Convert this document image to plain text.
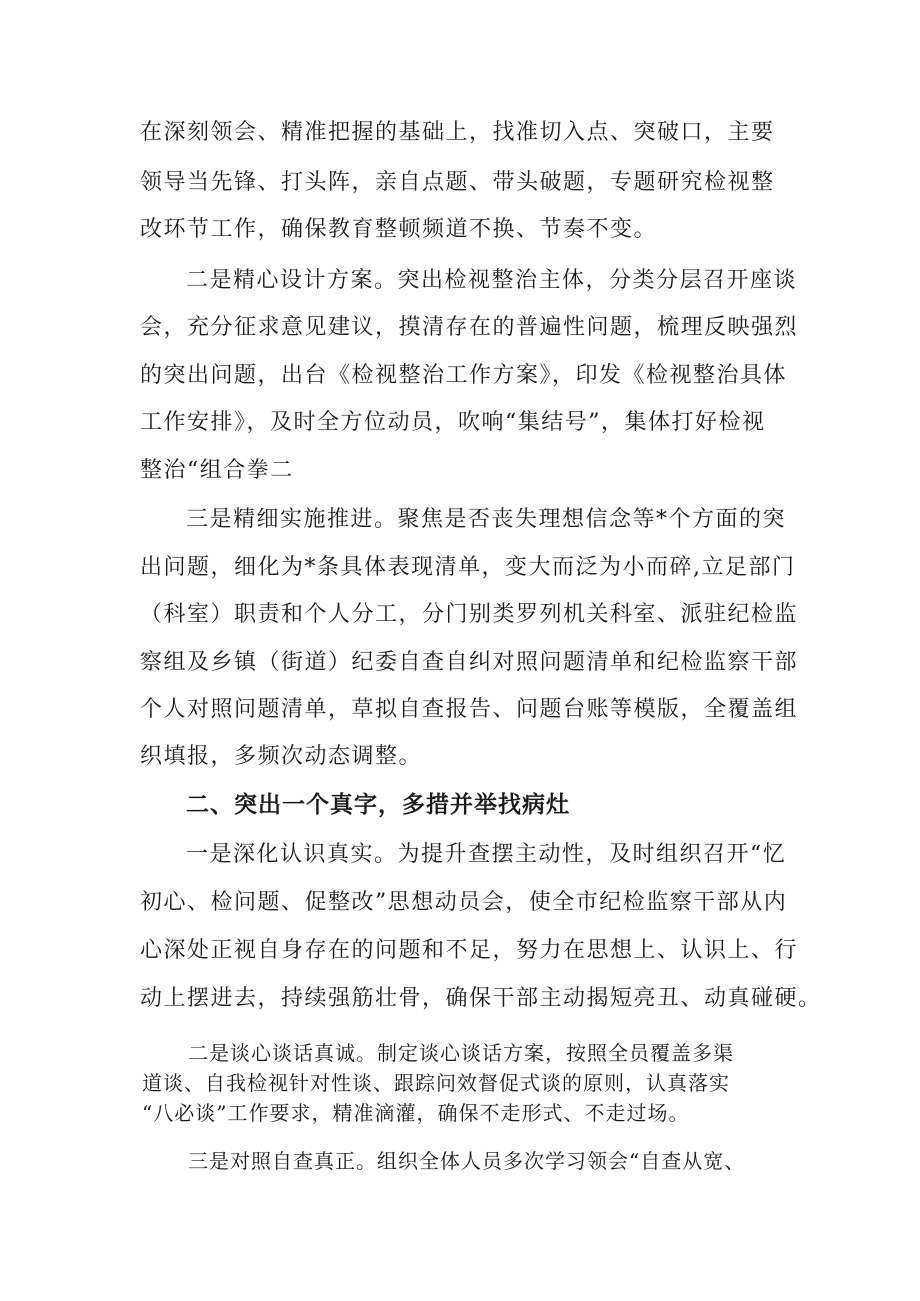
在深刻领会、精准把握的基础上，找准切入点、突破口，主要
领导当先锋、打头阵，亲自点题、带头破题，专题研究检视整
改环节工作，确保教育整顿频道不换、节奏不变。
二是精心设计方案。突出检视整治主体，分类分层召开座谈
会，充分征求意见建议，摸清存在的普遍性问题，梳理反映强烈
的突出问题，出台《检视整治工作方案》，印发《检视整治具体
工作安排》，及时全方位动员，吹响“集结号”，集体打好检视
整治“组合拳二
三是精细实施推进。聚焦是否丧失理想信念等*个方面的突
出问题，细化为*条具体表现清单，变大而泛为小而碎,立足部门
（科室）职责和个人分工，分门别类罗列机关科室、派驻纪检监
察组及乡镇（街道）纪委自查自纠对照问题清单和纪检监察干部
个人对照问题清单，草拟自查报告、问题台账等模版，全覆盖组
织填报，多频次动态调整。
二、突出一个真字，多措并举找病灶
一是深化认识真实。为提升查摆主动性，及时组织召开“忆
初心、检问题、促整改”思想动员会，使全市纪检监察干部从内
心深处正视自身存在的问题和不足，努力在思想上、认识上、行
动上摆进去，持续强筋壮骨，确保干部主动揭短亮丑、动真碰硬。
二是谈心谈话真诚。制定谈心谈话方案，按照全员覆盖多渠
道谈、自我检视针对性谈、跟踪问效督促式谈的原则，认真落实
“八必谈”工作要求，精准滴灌，确保不走形式、不走过场。
三是对照自查真正。组织全体人员多次学习领会“自查从宽、
